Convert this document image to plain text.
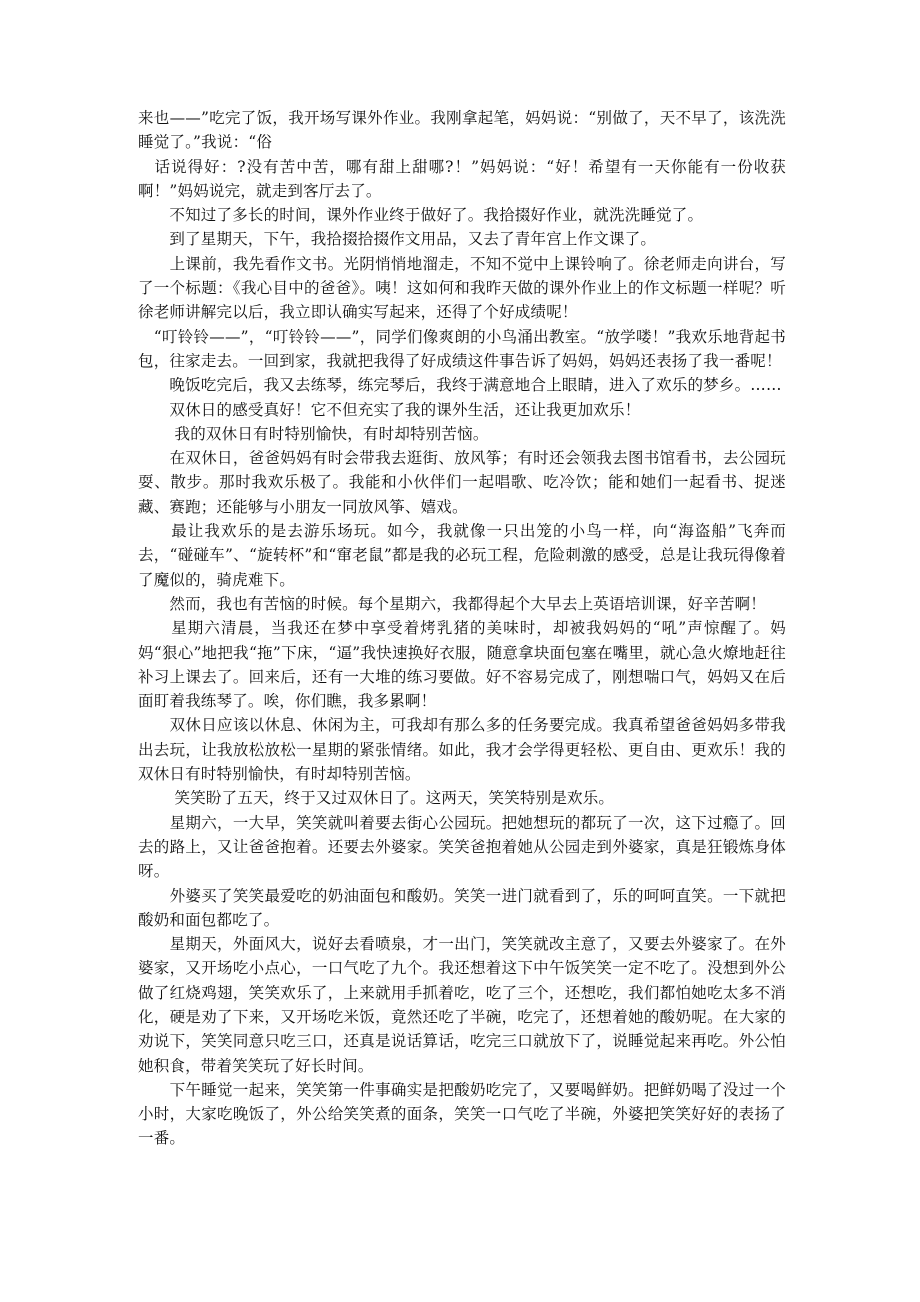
来也——”吃完了饭，我开场写课外作业。我刚拿起笔，妈妈说：“别做了，天不早了，该洗洗睡觉了。”我说：“俗

　话说得好：?没有苦中苦，哪有甜上甜哪?！”妈妈说：“好！希望有一天你能有一份收获啊！”妈妈说完，就走到客厅去了。

　　不知过了多长的时间，课外作业终于做好了。我拾掇好作业，就洗洗睡觉了。

　　到了星期天，下午，我拾掇拾掇作文用品，又去了青年宫上作文课了。

　　上课前，我先看作文书。光阴悄悄地溜走，不知不觉中上课铃响了。徐老师走向讲台，写了一个标题：《我心目中的爸爸》。咦！这如何和我昨天做的课外作业上的作文标题一样呢？听徐老师讲解完以后，我立即认确实写起来，还得了个好成绩呢！

　“叮铃铃——”，“叮铃铃——”，同学们像爽朗的小鸟涌出教室。“放学喽！”我欢乐地背起书包，往家走去。一回到家，我就把我得了好成绩这件事告诉了妈妈，妈妈还表扬了我一番呢！

　　晚饭吃完后，我又去练琴，练完琴后，我终于满意地合上眼睛，进入了欢乐的梦乡。……

　　双休日的感受真好！它不但充实了我的课外生活，还让我更加欢乐！

　　 我的双休日有时特别愉快，有时却特别苦恼。

　　在双休日，爸爸妈妈有时会带我去逛街、放风筝；有时还会领我去图书馆看书，去公园玩耍、散步。那时我欢乐极了。我能和小伙伴们一起唱歌、吃冷饮；能和她们一起看书、捉迷藏、赛跑；还能够与小朋友一同放风筝、嬉戏。

　　最让我欢乐的是去游乐场玩。如今，我就像一只出笼的小鸟一样，向“海盗船”飞奔而去，“碰碰车”、“旋转杯”和“窜老鼠”都是我的必玩工程，危险刺激的感受，总是让我玩得像着了魔似的，骑虎难下。

　　然而，我也有苦恼的时候。每个星期六，我都得起个大早去上英语培训课，好辛苦啊！

　　星期六清晨，当我还在梦中享受着烤乳猪的美味时，却被我妈妈的“吼”声惊醒了。妈妈“狠心”地把我“拖”下床，“逼”我快速换好衣服，随意拿块面包塞在嘴里，就心急火燎地赶往补习上课去了。回来后，还有一大堆的练习要做。好不容易完成了，刚想喘口气，妈妈又在后面盯着我练琴了。唉，你们瞧，我多累啊！

　　双休日应该以休息、休闲为主，可我却有那么多的任务要完成。我真希望爸爸妈妈多带我出去玩，让我放松放松一星期的紧张情绪。如此，我才会学得更轻松、更自由、更欢乐！我的双休日有时特别愉快，有时却特别苦恼。

　　 笑笑盼了五天，终于又过双休日了。这两天，笑笑特别是欢乐。

　　星期六，一大早，笑笑就叫着要去街心公园玩。把她想玩的都玩了一次，这下过瘾了。回去的路上，又让爸爸抱着。还要去外婆家。笑笑爸抱着她从公园走到外婆家，真是狂锻炼身体呀。

　　外婆买了笑笑最爱吃的奶油面包和酸奶。笑笑一进门就看到了，乐的呵呵直笑。一下就把酸奶和面包都吃了。

　　星期天，外面风大，说好去看喷泉，才一出门，笑笑就改主意了，又要去外婆家了。在外婆家，又开场吃小点心，一口气吃了九个。我还想着这下中午饭笑笑一定不吃了。没想到外公做了红烧鸡翅，笑笑欢乐了，上来就用手抓着吃，吃了三个，还想吃，我们都怕她吃太多不消化，硬是劝了下来，又开场吃米饭，竟然还吃了半碗，吃完了，还想着她的酸奶呢。在大家的劝说下，笑笑同意只吃三口，还真是说话算话，吃完三口就放下了，说睡觉起来再吃。外公怕她积食，带着笑笑玩了好长时间。

　　下午睡觉一起来，笑笑第一件事确实是把酸奶吃完了，又要喝鲜奶。把鲜奶喝了没过一个小时，大家吃晚饭了，外公给笑笑煮的面条，笑笑一口气吃了半碗，外婆把笑笑好好的表扬了一番。
